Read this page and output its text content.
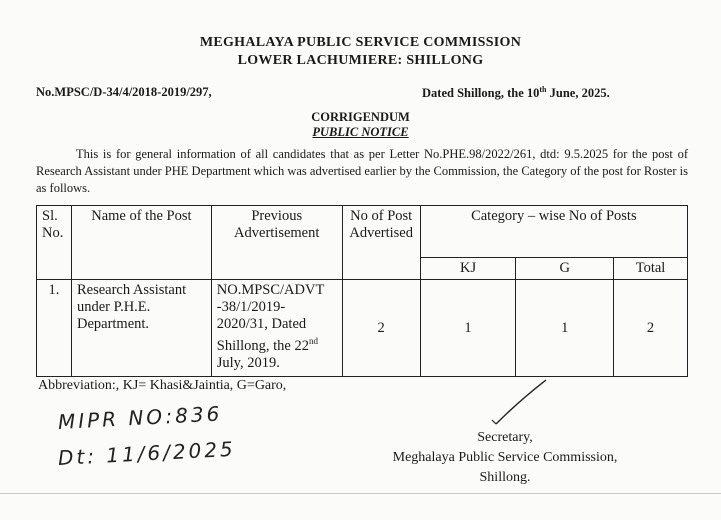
MEGHALAYA PUBLIC SERVICE COMMISSION
LOWER LACHUMIERE: SHILLONG
No.MPSC/D-34/4/2018-2019/297,	Dated Shillong, the 10th June, 2025.
CORRIGENDUM
PUBLIC NOTICE
This is for general information of all candidates that as per Letter No.PHE.98/2022/261, dtd: 9.5.2025 for the post of Research Assistant under PHE Department which was advertised earlier by the Commission, the Category of the post for Roster is as follows.
Sl. No.	Name of the Post	Previous Advertisement	No of Post Advertised	Category – wise No of Posts		
				KJ	G	Total
1.	Research Assistant under P.H.E. Department.	NO.MPSC/ADVT -38/1/2019- 2020/31, Dated Shillong, the 22nd July, 2019.	2	1	1	2
Abbreviation:, KJ= Khasi&Jaintia, G=Garo,
MIPR NO:836
Dt: 11/6/2025	Secretary,
Meghalaya Public Service Commission,
Shillong.
